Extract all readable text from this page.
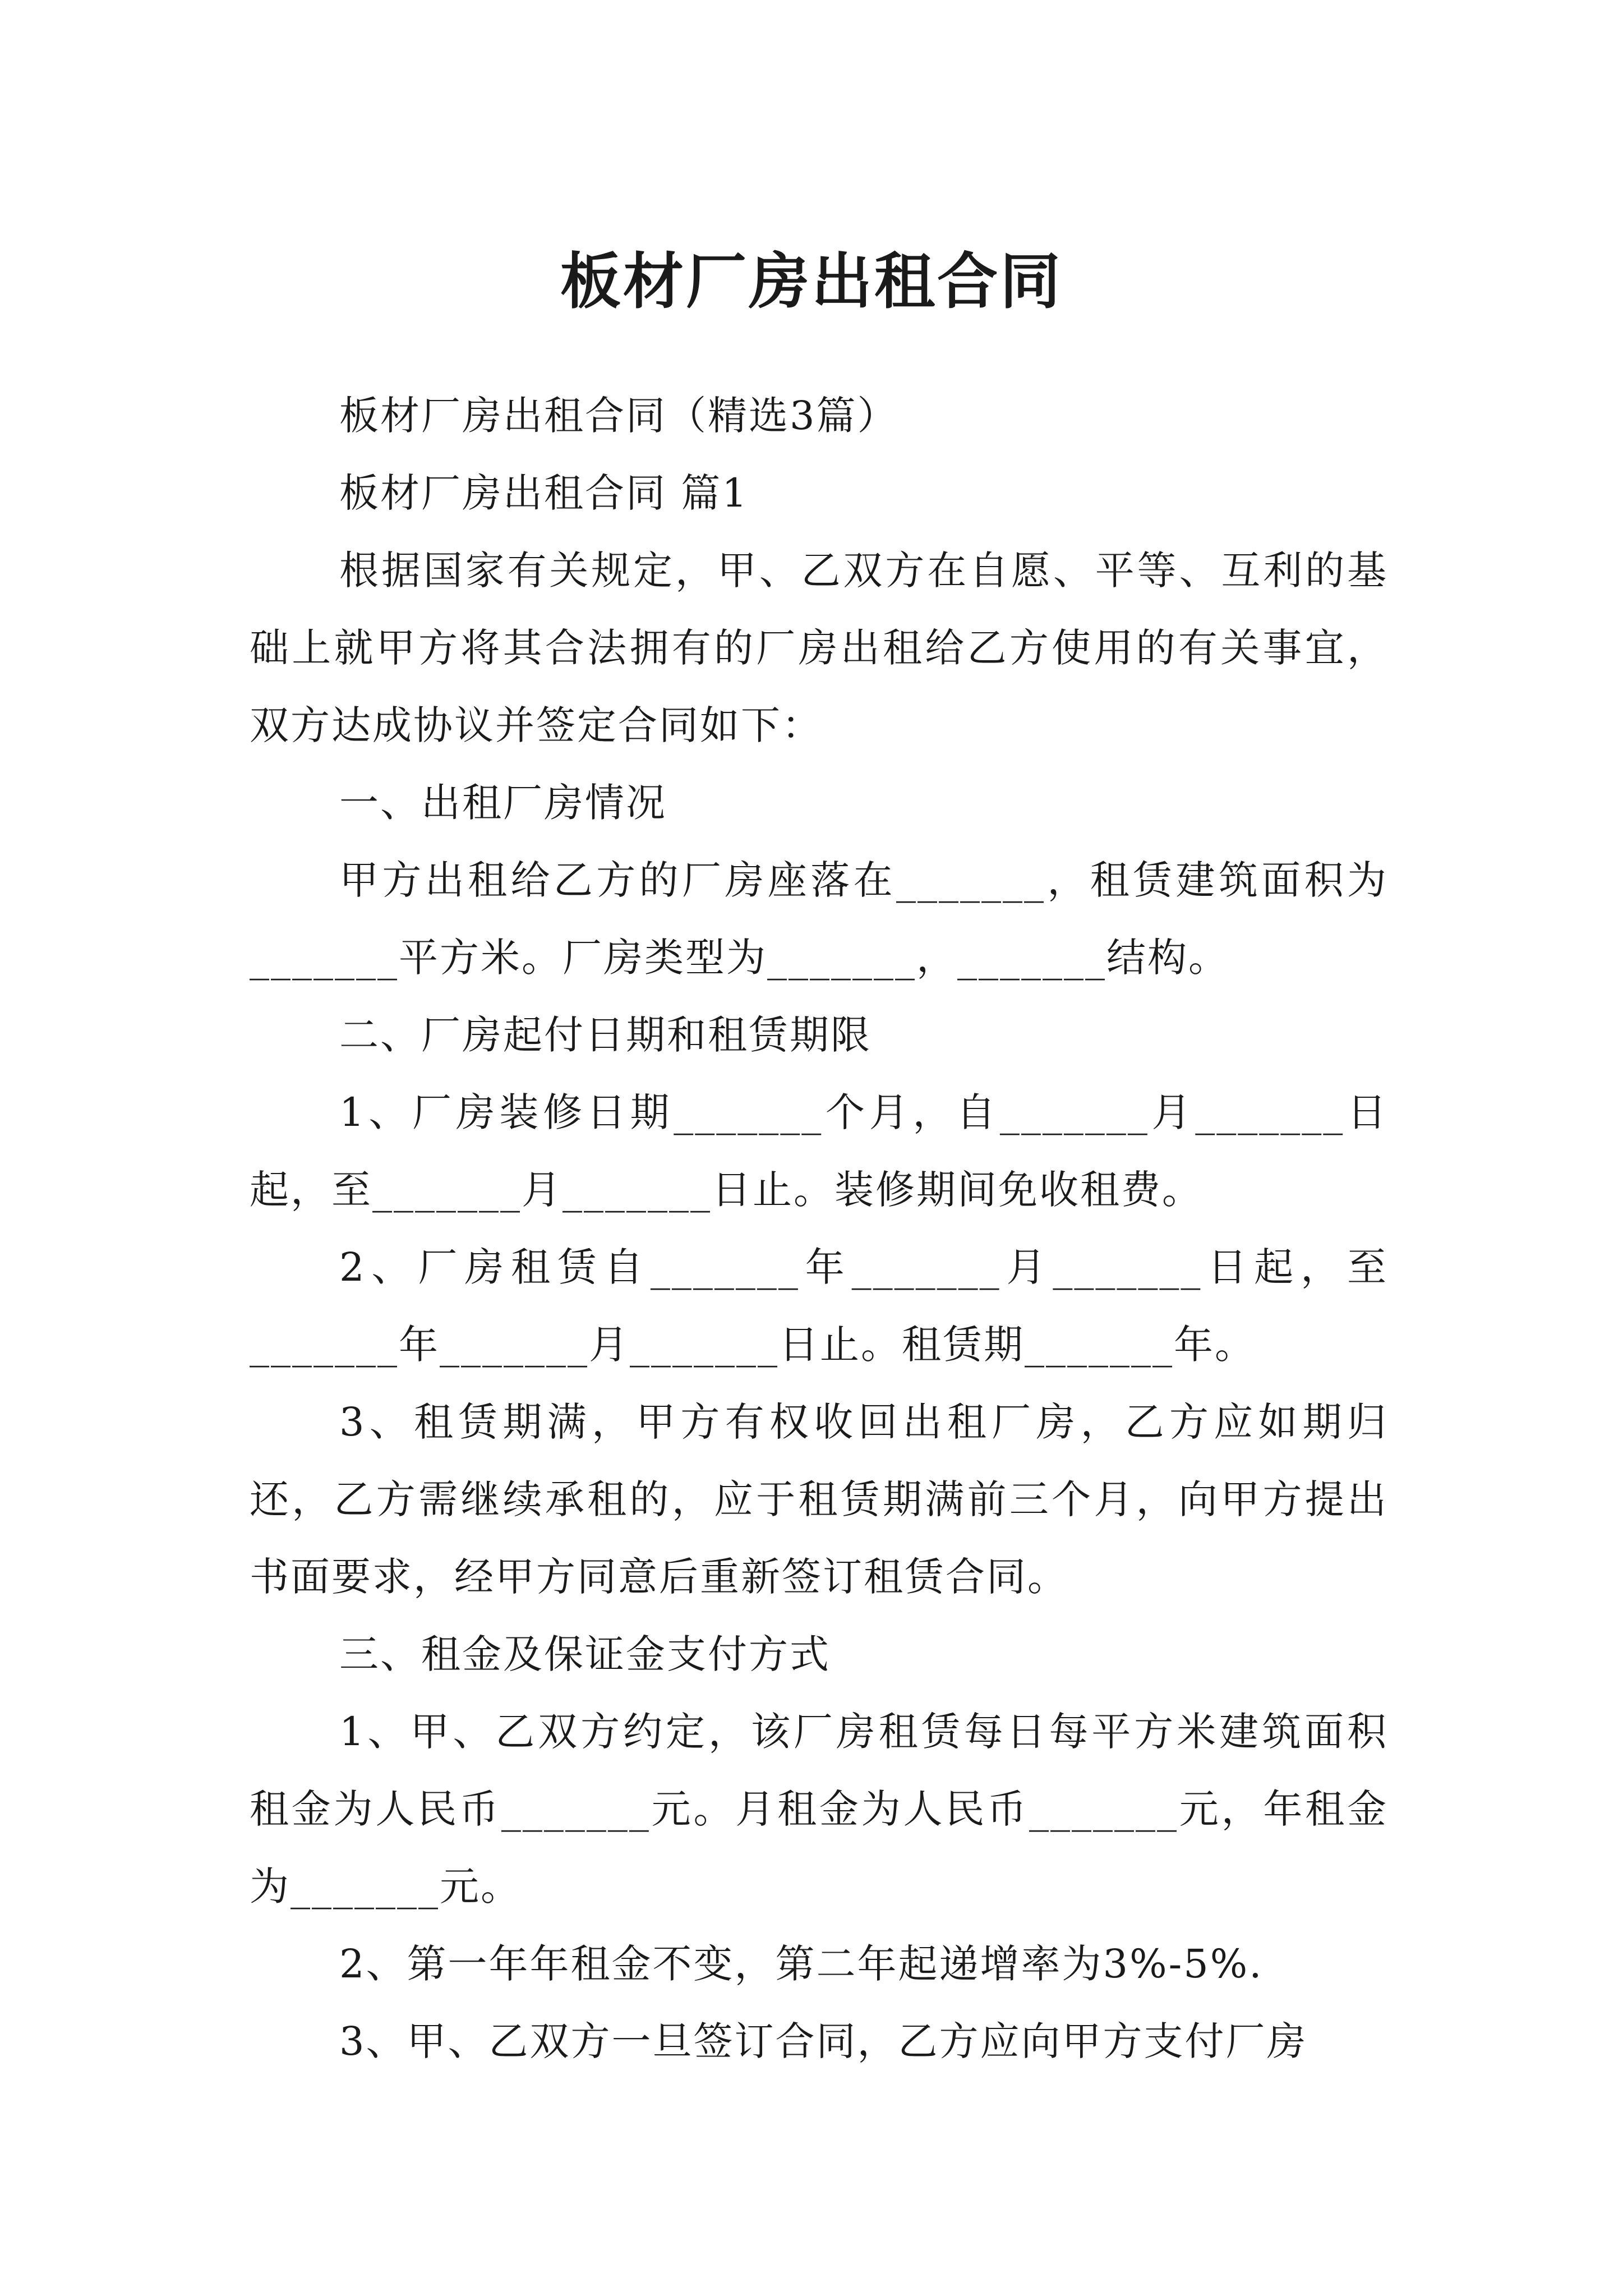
板材厂房出租合同

板材厂房出租合同（精选3篇）

板材厂房出租合同 篇1

根据国家有关规定，甲、乙双方在自愿、平等、互利的基础上就甲方将其合法拥有的厂房出租给乙方使用的有关事宜，双方达成协议并签定合同如下：

一、出租厂房情况

甲方出租给乙方的厂房座落在_______，租赁建筑面积为_______平方米。厂房类型为_______，_______结构。

二、厂房起付日期和租赁期限

1、厂房装修日期_______个月，自_______月_______日起，至_______月_______日止。装修期间免收租费。

2、厂房租赁自_______年_______月_______日起，至_______年_______月_______日止。租赁期_______年。

3、租赁期满，甲方有权收回出租厂房，乙方应如期归还，乙方需继续承租的，应于租赁期满前三个月，向甲方提出书面要求，经甲方同意后重新签订租赁合同。

三、租金及保证金支付方式

1、甲、乙双方约定，该厂房租赁每日每平方米建筑面积租金为人民币_______元。月租金为人民币_______元，年租金为_______元。

2、第一年年租金不变，第二年起递增率为3%-5%.

3、甲、乙双方一旦签订合同，乙方应向甲方支付厂房
